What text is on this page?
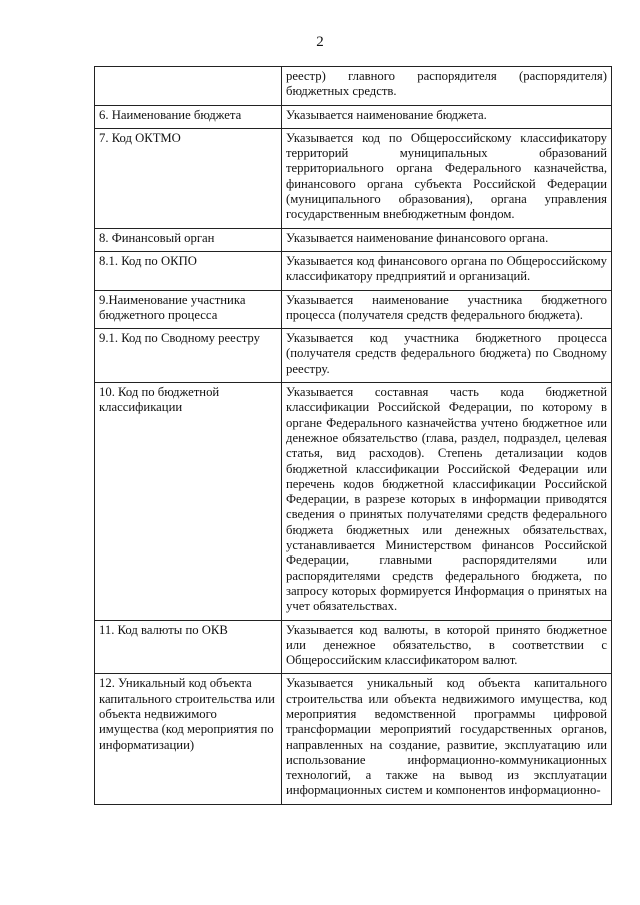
2
	реестр) главного распорядителя (распорядителя) бюджетных средств.
6. Наименование бюджета	Указывается наименование бюджета.
7. Код ОКТМО	Указывается код по Общероссийскому классификатору территорий муниципальных образований территориального органа Федерального казначейства, финансового органа субъекта Российской Федерации (муниципального образования), органа управления государственным внебюджетным фондом.
8. Финансовый орган	Указывается наименование финансового органа.
8.1. Код по ОКПО	Указывается код финансового органа по Общероссийскому классификатору предприятий и организаций.
9.Наименование участника бюджетного процесса	Указывается наименование участника бюджетного процесса (получателя средств федерального бюджета).
9.1. Код по Сводному реестру	Указывается код участника бюджетного процесса (получателя средств федерального бюджета) по Сводному реестру.
10. Код по бюджетной классификации	Указывается составная часть кода бюджетной классификации Российской Федерации, по которому в органе Федерального казначейства учтено бюджетное или денежное обязательство (глава, раздел, подраздел, целевая статья, вид расходов). Степень детализации кодов бюджетной классификации Российской Федерации или перечень кодов бюджетной классификации Российской Федерации, в разрезе которых в информации приводятся сведения о принятых получателями средств федерального бюджета бюджетных или денежных обязательствах, устанавливается Министерством финансов Российской Федерации, главными распорядителями или распорядителями средств федерального бюджета, по запросу которых формируется Информация о принятых на учет обязательствах.
11. Код валюты по ОКВ	Указывается код валюты, в которой принято бюджетное или денежное обязательство, в соответствии с Общероссийским классификатором валют.
12. Уникальный код объекта капитального строительства или объекта недвижимого имущества (код мероприятия по информатизации)	Указывается уникальный код объекта капитального строительства или объекта недвижимого имущества, код мероприятия ведомственной программы цифровой трансформации мероприятий государственных органов, направленных на создание, развитие, эксплуатацию или использование информационно-коммуникационных технологий, а также на вывод из эксплуатации информационных систем и компонентов информационно-
